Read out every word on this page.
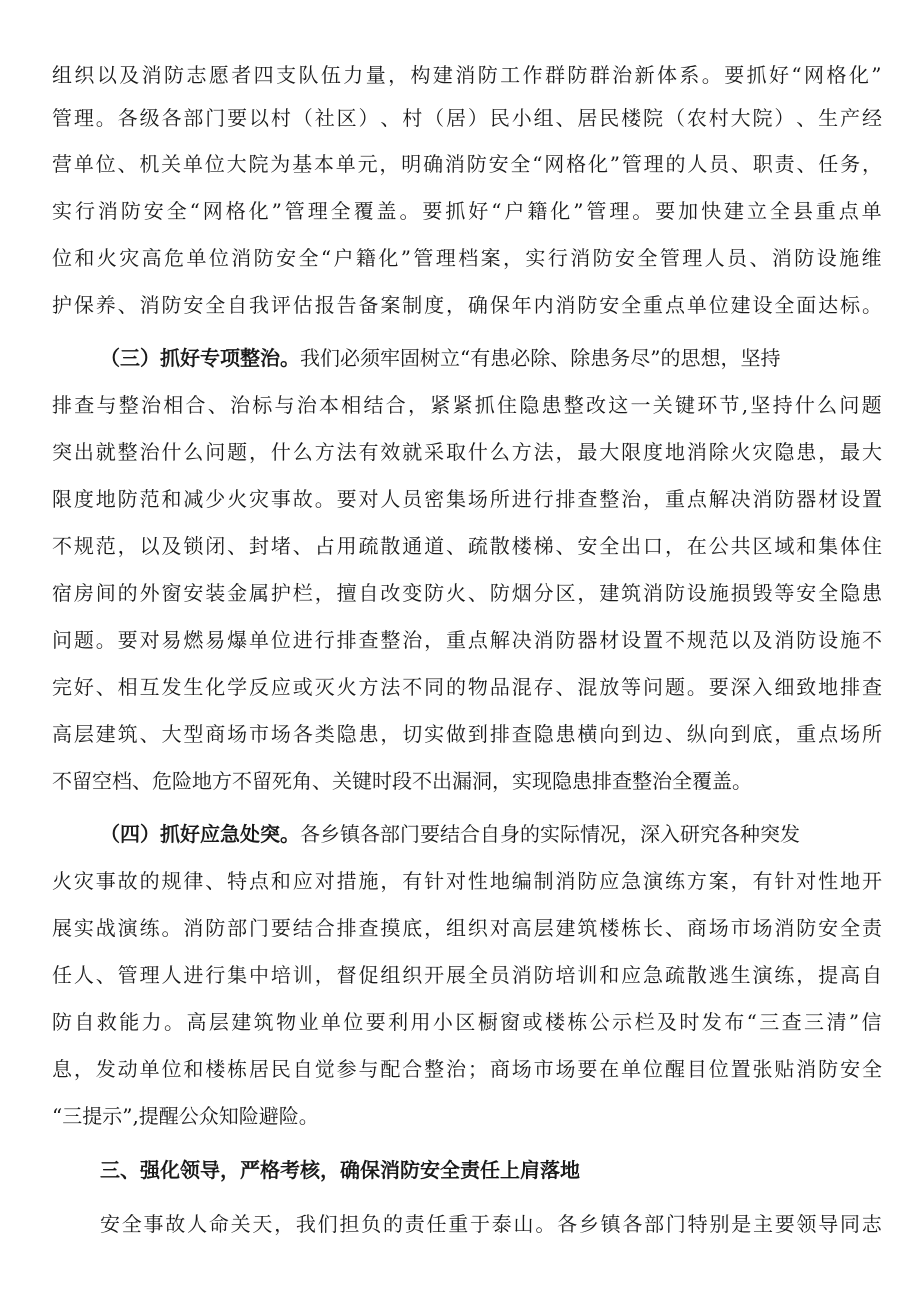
组 织 以 及 消 防 志 愿 者 四 支 队 伍 力 量 ， 构 建 消 防 工 作 群 防 群 治 新 体 系 。 要 抓 好 “ 网 格 化 ”
管 理 。 各 级 各 部 门 要 以 村 （ 社 区 ） 、 村 （ 居 ） 民 小 组 、 居 民 楼 院 （ 农 村 大 院 ） 、 生 产 经
营 单 位 、 机 关 单 位 大 院 为 基 本 单 元 ， 明 确 消 防 安 全 “ 网 格 化 ” 管 理 的 人 员 、 职 责 、 任 务 ，
实 行 消 防 安 全 “ 网 格 化 ” 管 理 全 覆 盖 。 要 抓 好 “ 户 籍 化 ” 管 理 。 要 加 快 建 立 全 县 重 点 单
位 和 火 灾 高 危 单 位 消 防 安 全 “ 户 籍 化 ” 管 理 档 案 ， 实 行 消 防 安 全 管 理 人 员 、 消 防 设 施 维
护 保 养 、 消 防 安 全 自 我 评 估 报 告 备 案 制 度 ， 确 保 年 内 消 防 安 全 重 点 单 位 建 设 全 面 达 标 。
（三）抓好专项整治。我们必须牢固树立“有患必除、除患务尽”的思想，坚持
排 查 与 整 治 相 合 、 治 标 与 治 本 相 结 合 ， 紧 紧 抓 住 隐 患 整 改 这 一 关 键 环 节 , 坚 持 什 么 问 题
突 出 就 整 治 什 么 问 题 ， 什 么 方 法 有 效 就 采 取 什 么 方 法 ， 最 大 限 度 地 消 除 火 灾 隐 患 ， 最 大
限 度 地 防 范 和 减 少 火 灾 事 故 。 要 对 人 员 密 集 场 所 进 行 排 查 整 治 ， 重 点 解 决 消 防 器 材 设 置
不 规 范 ， 以 及 锁 闭 、 封 堵 、 占 用 疏 散 通 道 、 疏 散 楼 梯 、 安 全 出 口 ， 在 公 共 区 域 和 集 体 住
宿 房 间 的 外 窗 安 装 金 属 护 栏 ， 擅 自 改 变 防 火 、 防 烟 分 区 ， 建 筑 消 防 设 施 损 毁 等 安 全 隐 患
问 题 。 要 对 易 燃 易 爆 单 位 进 行 排 查 整 治 ， 重 点 解 决 消 防 器 材 设 置 不 规 范 以 及 消 防 设 施 不
完 好 、 相 互 发 生 化 学 反 应 或 灭 火 方 法 不 同 的 物 品 混 存 、 混 放 等 问 题 。 要 深 入 细 致 地 排 查
高 层 建 筑 、 大 型 商 场 市 场 各 类 隐 患 ， 切 实 做 到 排 查 隐 患 横 向 到 边 、 纵 向 到 底 ， 重 点 场 所
不留空档、危险地方不留死角、关键时段不出漏洞，实现隐患排查整治全覆盖。
（四）抓好应急处突。各乡镇各部门要结合自身的实际情况，深入研究各种突发
火 灾 事 故 的 规 律 、 特 点 和 应 对 措 施 ， 有 针 对 性 地 编 制 消 防 应 急 演 练 方 案 ， 有 针 对 性 地 开
展 实 战 演 练 。 消 防 部 门 要 结 合 排 查 摸 底 ， 组 织 对 高 层 建 筑 楼 栋 长 、 商 场 市 场 消 防 安 全 责
任 人 、 管 理 人 进 行 集 中 培 训 ， 督 促 组 织 开 展 全 员 消 防 培 训 和 应 急 疏 散 逃 生 演 练 ， 提 高 自
防 自 救 能 力 。 高 层 建 筑 物 业 单 位 要 利 用 小 区 橱 窗 或 楼 栋 公 示 栏 及 时 发 布 “ 三 查 三 清 ” 信
息 ， 发 动 单 位 和 楼 栋 居 民 自 觉 参 与 配 合 整 治 ； 商 场 市 场 要 在 单 位 醒 目 位 置 张 贴 消 防 安 全
“三提示”,提醒公众知险避险。
三、强化领导，严格考核，确保消防安全责任上肩落地
安 全 事 故 人 命 关 天 ， 我 们 担 负 的 责 任 重 于 泰 山 。 各 乡 镇 各 部 门 特 别 是 主 要 领 导 同 志
